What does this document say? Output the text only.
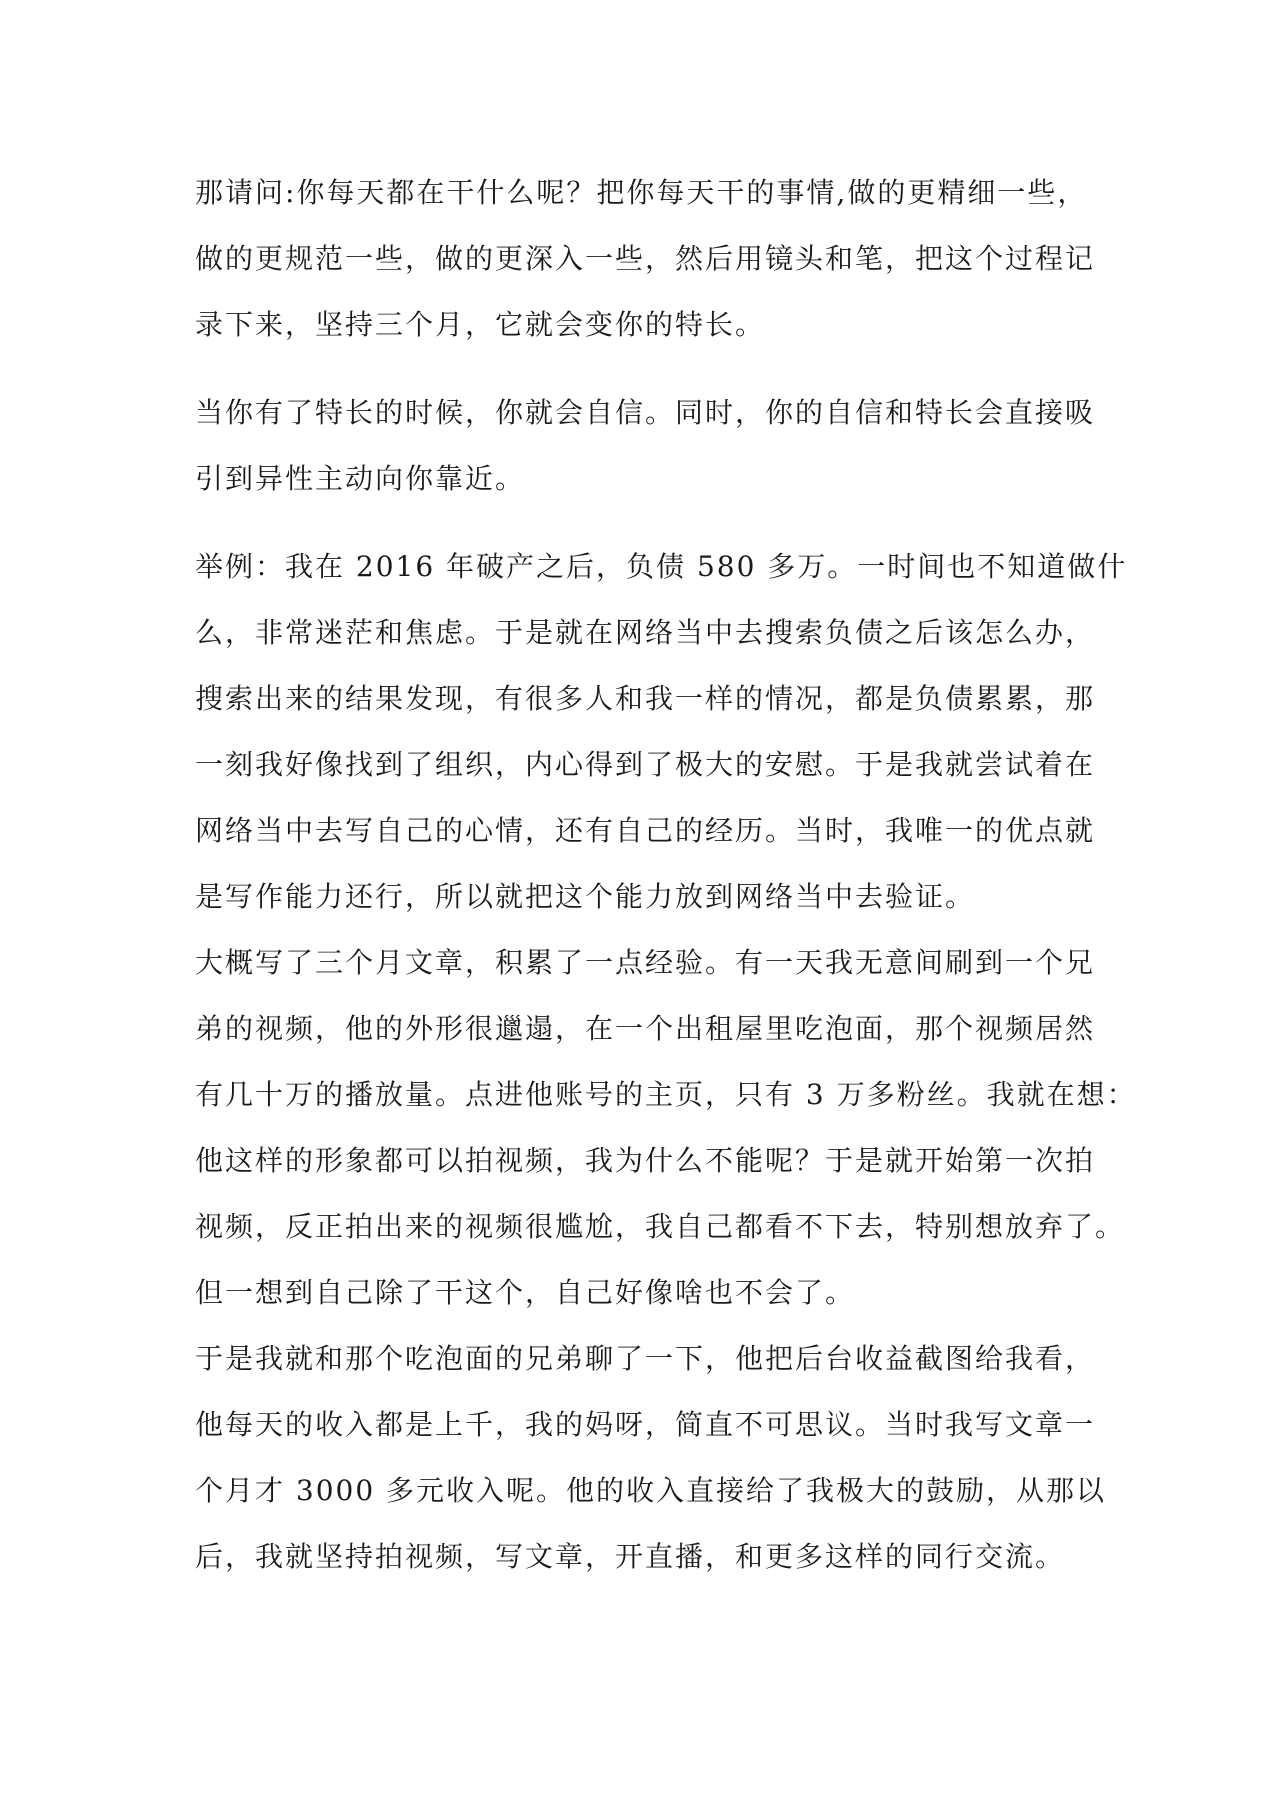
那请问:你每天都在干什么呢？把你每天干的事情,做的更精细一些，
做的更规范一些，做的更深入一些，然后用镜头和笔，把这个过程记
录下来，坚持三个月，它就会变你的特长。
当你有了特长的时候，你就会自信。同时，你的自信和特长会直接吸
引到异性主动向你靠近。
举例：我在 2016 年破产之后，负债 580 多万。一时间也不知道做什
么，非常迷茫和焦虑。于是就在网络当中去搜索负债之后该怎么办，
搜索出来的结果发现，有很多人和我一样的情况，都是负债累累，那
一刻我好像找到了组织，内心得到了极大的安慰。于是我就尝试着在
网络当中去写自己的心情，还有自己的经历。当时，我唯一的优点就
是写作能力还行，所以就把这个能力放到网络当中去验证。
大概写了三个月文章，积累了一点经验。有一天我无意间刷到一个兄
弟的视频，他的外形很邋遢，在一个出租屋里吃泡面，那个视频居然
有几十万的播放量。点进他账号的主页，只有 3 万多粉丝。我就在想：
他这样的形象都可以拍视频，我为什么不能呢？于是就开始第一次拍
视频，反正拍出来的视频很尴尬，我自己都看不下去，特别想放弃了。
但一想到自己除了干这个，自己好像啥也不会了。
于是我就和那个吃泡面的兄弟聊了一下，他把后台收益截图给我看，
他每天的收入都是上千，我的妈呀，简直不可思议。当时我写文章一
个月才 3000 多元收入呢。他的收入直接给了我极大的鼓励，从那以
后，我就坚持拍视频，写文章，开直播，和更多这样的同行交流。
